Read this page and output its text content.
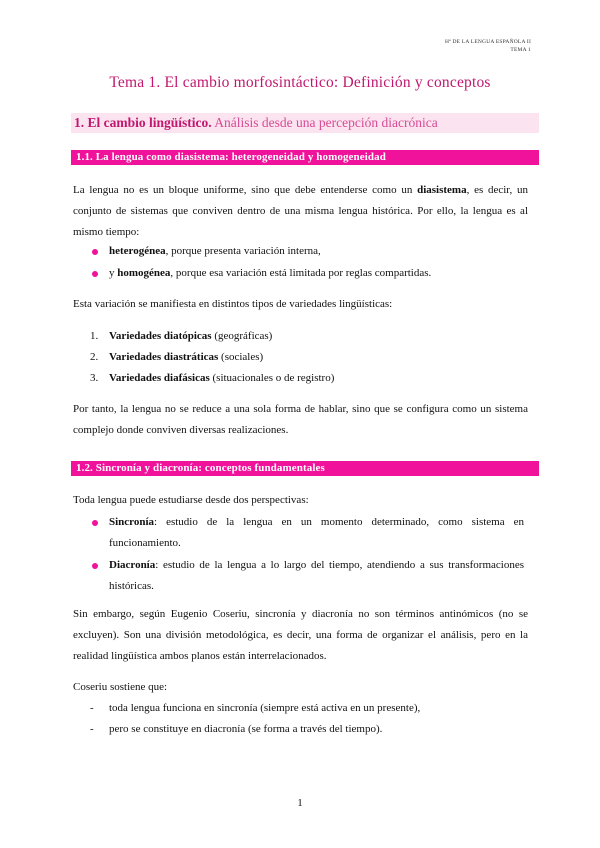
Hª DE LA LENGUA ESPAÑOLA II
TEMA 1
Tema 1. El cambio morfosintáctico: Definición y conceptos
1. El cambio lingüístico. Análisis desde una percepción diacrónica
1.1. La lengua como diasistema: heterogeneidad y homogeneidad
La lengua no es un bloque uniforme, sino que debe entenderse como un diasistema, es decir, un conjunto de sistemas que conviven dentro de una misma lengua histórica. Por ello, la lengua es al mismo tiempo:
heterogénea, porque presenta variación interna,
y homogénea, porque esa variación está limitada por reglas compartidas.
Esta variación se manifiesta en distintos tipos de variedades lingüísticas:
1. Variedades diatópicas (geográficas)
2. Variedades diastráticas (sociales)
3. Variedades diafásicas (situacionales o de registro)
Por tanto, la lengua no se reduce a una sola forma de hablar, sino que se configura como un sistema complejo donde conviven diversas realizaciones.
1.2. Sincronía y diacronía: conceptos fundamentales
Toda lengua puede estudiarse desde dos perspectivas:
Sincronía: estudio de la lengua en un momento determinado, como sistema en funcionamiento.
Diacronía: estudio de la lengua a lo largo del tiempo, atendiendo a sus transformaciones históricas.
Sin embargo, según Eugenio Coseriu, sincronía y diacronía no son términos antinómicos (no se excluyen). Son una división metodológica, es decir, una forma de organizar el análisis, pero en la realidad lingüística ambos planos están interrelacionados.
Coseriu sostiene que:
- toda lengua funciona en sincronía (siempre está activa en un presente),
- pero se constituye en diacronía (se forma a través del tiempo).
1
